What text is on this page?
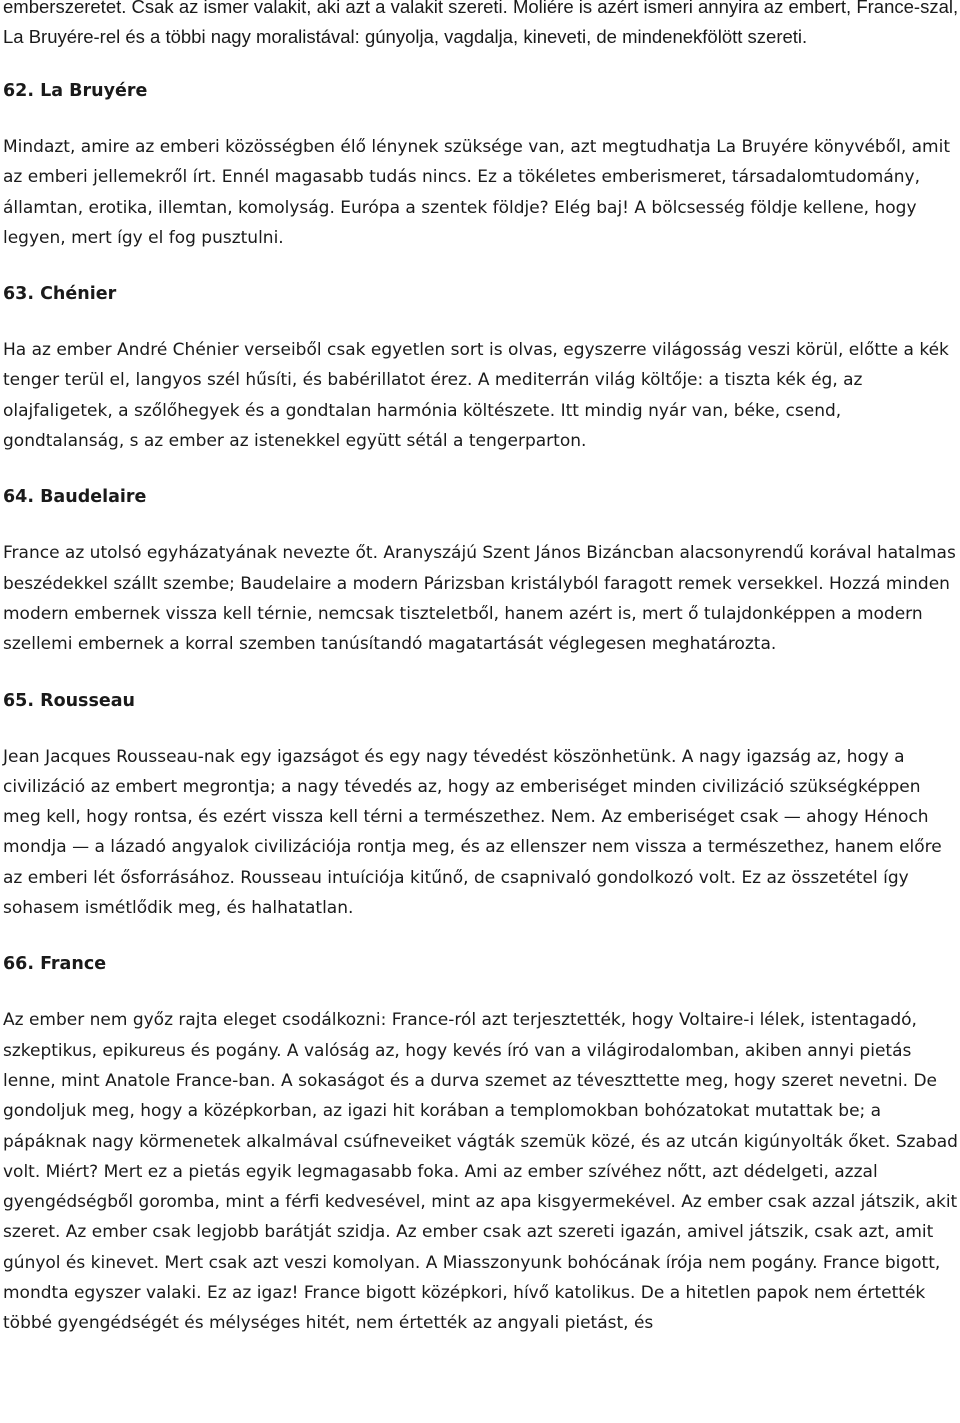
emberszeretet. Csak az ismer valakit, aki azt a valakit szereti. Moliére is azért ismeri annyira az embert, France-szal, La Bruyére-rel és a többi nagy moralistával: gúnyolja, vagdalja, kineveti, de mindenekfölött szereti.

62. La Bruyére

Mindazt, amire az emberi közösségben élő lénynek szüksége van, azt megtudhatja La Bruyére könyvéből, amit az emberi jellemekről írt. Ennél magasabb tudás nincs. Ez a tökéletes emberismeret, társadalomtudomány, államtan, erotika, illemtan, komolyság. Európa a szentek földje? Elég baj! A bölcsesség földje kellene, hogy legyen, mert így el fog pusztulni.

63. Chénier

Ha az ember André Chénier verseiből csak egyetlen sort is olvas, egyszerre világosság veszi körül, előtte a kék tenger terül el, langyos szél hűsíti, és babérillatot érez. A mediterrán világ költője: a tiszta kék ég, az olajfaligetek, a szőlőhegyek és a gondtalan harmónia költészete. Itt mindig nyár van, béke, csend, gondtalanság, s az ember az istenekkel együtt sétál a tengerparton.

64. Baudelaire

France az utolsó egyházatyának nevezte őt. Aranyszájú Szent János Bizáncban alacsonyrendű korával hatalmas beszédekkel szállt szembe; Baudelaire a modern Párizsban kristályból faragott remek versekkel. Hozzá minden modern embernek vissza kell térnie, nemcsak tiszteletből, hanem azért is, mert ő tulajdonképpen a modern szellemi embernek a korral szemben tanúsítandó magatartását véglegesen meghatározta.

65. Rousseau

Jean Jacques Rousseau-nak egy igazságot és egy nagy tévedést köszönhetünk. A nagy igazság az, hogy a civilizáció az embert megrontja; a nagy tévedés az, hogy az emberiséget minden civilizáció szükségképpen meg kell, hogy rontsa, és ezért vissza kell térni a természethez. Nem. Az emberiséget csak — ahogy Hénoch mondja — a lázadó angyalok civilizációja rontja meg, és az ellenszer nem vissza a természethez, hanem előre az emberi lét ősforrásához. Rousseau intuíciója kitűnő, de csapnivaló gondolkozó volt. Ez az összetétel így sohasem ismétlődik meg, és halhatatlan.

66. France

Az ember nem győz rajta eleget csodálkozni: France-ról azt terjesztették, hogy Voltaire-i lélek, istentagadó, szkeptikus, epikureus és pogány. A valóság az, hogy kevés író van a világirodalomban, akiben annyi pietás lenne, mint Anatole France-ban. A sokaságot és a durva szemet az téveszttette meg, hogy szeret nevetni. De gondoljuk meg, hogy a középkorban, az igazi hit korában a templomokban bohózatokat mutattak be; a pápáknak nagy körmenetek alkalmával csúfneveiket vágták szemük közé, és az utcán kigúnyolták őket. Szabad volt. Miért? Mert ez a pietás egyik legmagasabb foka. Ami az ember szívéhez nőtt, azt dédelgeti, azzal gyengédségből goromba, mint a férfi kedvesével, mint az apa kisgyermekével. Az ember csak azzal játszik, akit szeret. Az ember csak legjobb barátját szidja. Az ember csak azt szereti igazán, amivel játszik, csak azt, amit gúnyol és kinevet. Mert csak azt veszi komolyan. A Miasszonyunk bohócának írója nem pogány. France bigott, mondta egyszer valaki. Ez az igaz! France bigott középkori, hívő katolikus. De a hitetlen papok nem értették többé gyengédségét és mélységes hitét, nem értették az angyali pietást, és
